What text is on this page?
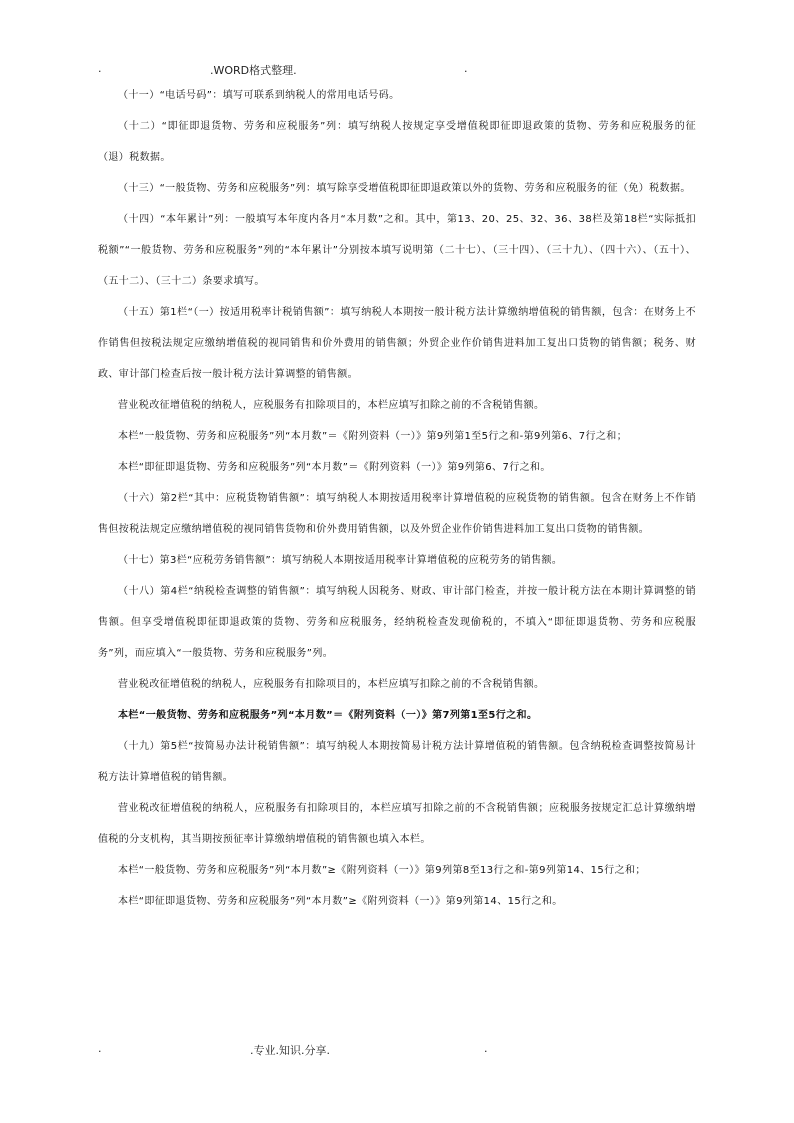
.	.WORD格式整理.	.

（十一）“电话号码”：填写可联系到纳税人的常用电话号码。

（十二）“即征即退货物、劳务和应税服务”列：填写纳税人按规定享受增值税即征即退政策的货物、劳务和应税服务的征（退）税数据。

（十三）“一般货物、劳务和应税服务”列：填写除享受增值税即征即退政策以外的货物、劳务和应税服务的征（免）税数据。

（十四）“本年累计”列：一般填写本年度内各月“本月数”之和。其中，第13、20、25、32、36、38栏及第18栏“实际抵扣税额”“一般货物、劳务和应税服务”列的“本年累计”分别按本填写说明第（二十七）、（三十四）、（三十九）、（四十六）、（五十）、（五十二）、（三十二）条要求填写。

（十五）第1栏“（一）按适用税率计税销售额”：填写纳税人本期按一般计税方法计算缴纳增值税的销售额，包含：在财务上不作销售但按税法规定应缴纳增值税的视同销售和价外费用的销售额；外贸企业作价销售进料加工复出口货物的销售额；税务、财政、审计部门检查后按一般计税方法计算调整的销售额。

营业税改征增值税的纳税人，应税服务有扣除项目的，本栏应填写扣除之前的不含税销售额。

本栏“一般货物、劳务和应税服务”列“本月数”＝《附列资料（一）》第9列第1至5行之和-第9列第6、7行之和；

本栏“即征即退货物、劳务和应税服务”列“本月数”＝《附列资料（一）》第9列第6、7行之和。

（十六）第2栏“其中：应税货物销售额”：填写纳税人本期按适用税率计算增值税的应税货物的销售额。包含在财务上不作销售但按税法规定应缴纳增值税的视同销售货物和价外费用销售额，以及外贸企业作价销售进料加工复出口货物的销售额。

（十七）第3栏“应税劳务销售额”：填写纳税人本期按适用税率计算增值税的应税劳务的销售额。

（十八）第4栏“纳税检查调整的销售额”：填写纳税人因税务、财政、审计部门检查，并按一般计税方法在本期计算调整的销售额。但享受增值税即征即退政策的货物、劳务和应税服务，经纳税检查发现偷税的，不填入“即征即退货物、劳务和应税服务”列，而应填入“一般货物、劳务和应税服务”列。

营业税改征增值税的纳税人，应税服务有扣除项目的，本栏应填写扣除之前的不含税销售额。

本栏“一般货物、劳务和应税服务”列“本月数”＝《附列资料（一）》第7列第1至5行之和。

（十九）第5栏“按简易办法计税销售额”：填写纳税人本期按简易计税方法计算增值税的销售额。包含纳税检查调整按简易计税方法计算增值税的销售额。

营业税改征增值税的纳税人，应税服务有扣除项目的，本栏应填写扣除之前的不含税销售额；应税服务按规定汇总计算缴纳增值税的分支机构，其当期按预征率计算缴纳增值税的销售额也填入本栏。

本栏“一般货物、劳务和应税服务”列“本月数”≥《附列资料（一）》第9列第8至13行之和-第9列第14、15行之和；

本栏“即征即退货物、劳务和应税服务”列“本月数”≥《附列资料（一）》第9列第14、15行之和。

.	.专业.知识.分享.	.
